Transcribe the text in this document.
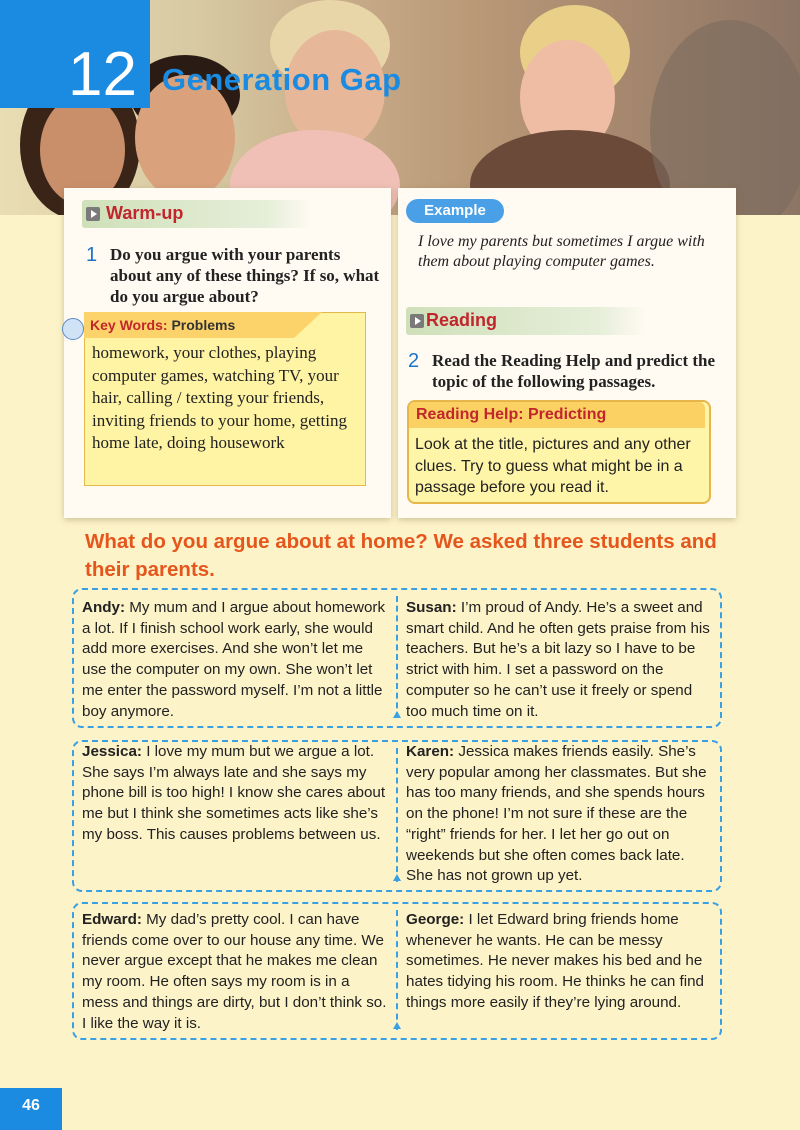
12 Generation Gap
Warm-up
1 Do you argue with your parents about any of these things? If so, what do you argue about?
Key Words: Problems
homework, your clothes, playing computer games, watching TV, your hair, calling / texting your friends, inviting friends to your home, getting home late, doing housework
Example
I love my parents but sometimes I argue with them about playing computer games.
Reading
2 Read the Reading Help and predict the topic of the following passages.
Reading Help: Predicting
Look at the title, pictures and any other clues. Try to guess what might be in a passage before you read it.
What do you argue about at home? We asked three students and their parents.
Andy: My mum and I argue about homework a lot. If I finish school work early, she would add more exercises. And she won’t let me use the computer on my own. She won’t let me enter the password myself. I’m not a little boy anymore.
Susan: I’m proud of Andy. He’s a sweet and smart child. And he often gets praise from his teachers. But he’s a bit lazy so I have to be strict with him. I set a password on the computer so he can’t use it freely or spend too much time on it.
Jessica: I love my mum but we argue a lot. She says I’m always late and she says my phone bill is too high! I know she cares about me but I think she sometimes acts like she’s my boss. This causes problems between us.
Karen: Jessica makes friends easily. She’s very popular among her classmates. But she has too many friends, and she spends hours on the phone! I’m not sure if these are the “right” friends for her. I let her go out on weekends but she often comes back late. She has not grown up yet.
Edward: My dad’s pretty cool. I can have friends come over to our house any time. We never argue except that he makes me clean my room. He often says my room is in a mess and things are dirty, but I don’t think so. I like the way it is.
George: I let Edward bring friends home whenever he wants. He can be messy sometimes. He never makes his bed and he hates tidying his room. He thinks he can find things more easily if they’re lying around.
46
